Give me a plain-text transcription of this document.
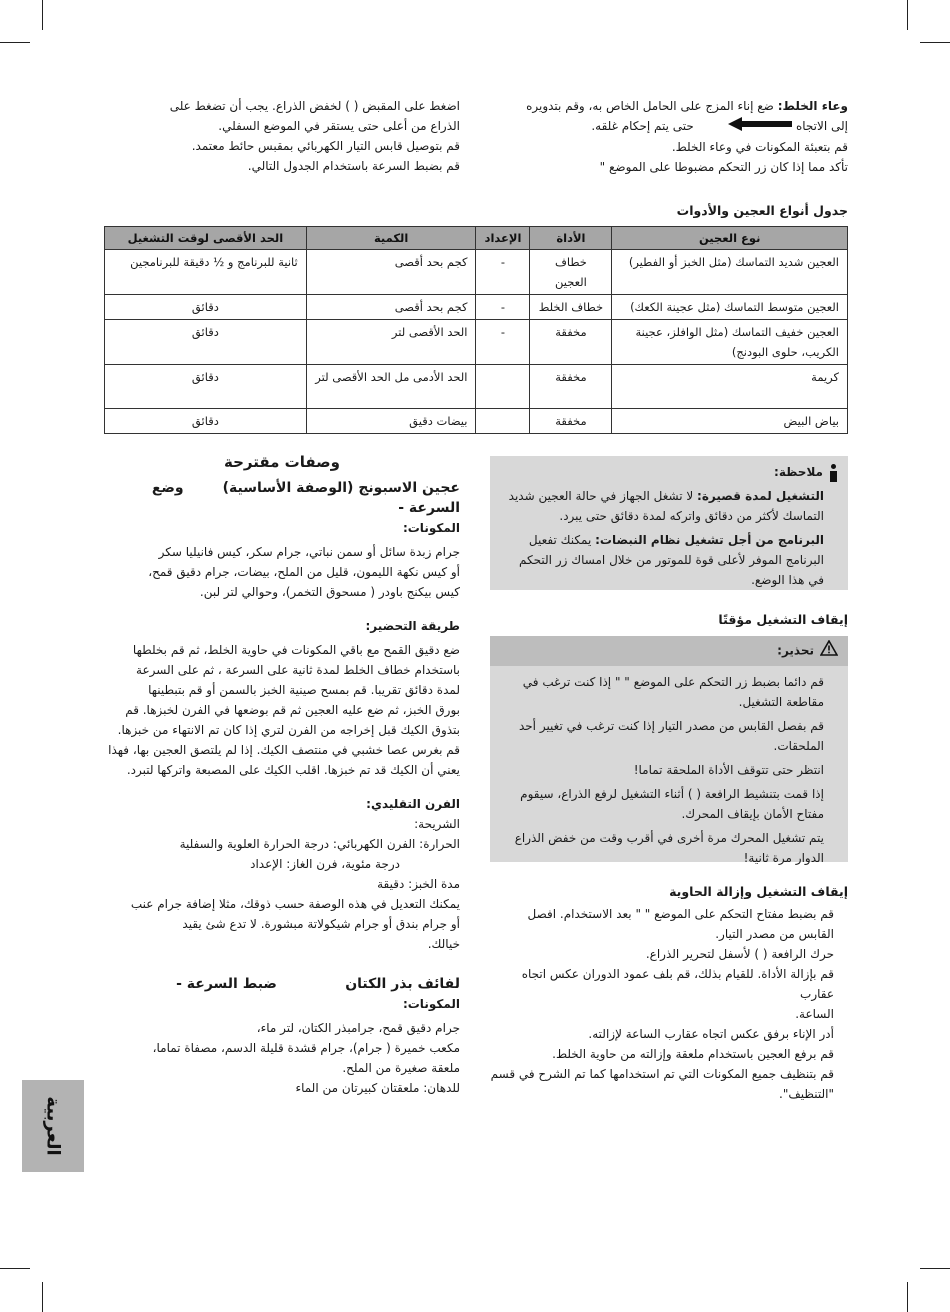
وعاء الخلط: ضع إناء المزج على الحامل الخاص به، وقم بتدويره

إلى الاتجاه          حتى يتم إحكام غلقه.

قم بتعبئة المكونات في وعاء الخلط.

تأكد مما إذا كان زر التحكم مضبوطا على الموضع "

اضغط على المقبض ( ) لخفض الذراع. يجب أن تضغط على

الذراع من أعلى حتى يستقر في الموضع السفلي.

قم بتوصيل قابس التيار الكهربائي بمقبس حائط معتمد.

قم بضبط السرعة باستخدام الجدول التالي.

جدول أنواع العجين والأدوات
نوع العجين	الأداة	الإعداد	الكمية	الحد الأقصى لوقت التشغيل
العجين شديد التماسك (مثل الخبز أو الفطير)	خطاف العجين	-	كجم بحد أقصى	ثانية للبرنامج و ½ دقيقة للبرنامجين
العجين متوسط التماسك (مثل عجينة الكعك)	خطاف الخلط	-	كجم بحد أقصى	دقائق
العجين خفيف التماسك (مثل الوافلز، عجينة الكريب، حلوى البودنج)	مخفقة	-	الحد الأقصى لتر	دقائق
كريمة	مخفقة		الحد الأدمى مل الحد الأقصى لتر	دقائق
بياض البيض	مخفقة		بيضات دقيق	دقائق

ملاحظة:

التشغيل لمدة قصيرة: لا تشغل الجهاز في حالة العجين شديد التماسك لأكثر من دقائق واتركه لمدة دقائق حتى يبرد.

البرنامج من أجل تشغيل نظام النبضات: يمكنك تفعيل البرنامج الموفر لأعلى قوة للموتور من خلال امساك زر التحكم في هذا الوضع.

إيقاف التشغيل مؤقتًا

تحذير:

قم دائما بضبط زر التحكم على الموضع " " إذا كنت ترغب في مقاطعة التشغيل.

قم بفصل القابس من مصدر التيار إذا كنت ترغب في تغيير أحد الملحقات.

انتظر حتى تتوقف الأداة الملحقة تماما!

إذا قمت بتنشيط الرافعة ( ) أثناء التشغيل لرفع الذراع، سيقوم مفتاح الأمان بإيقاف المحرك.

يتم تشغيل المحرك مرة أخرى في أقرب وقت من خفض الذراع الدوار مرة ثانية!

إيقاف التشغيل وإزالة الحاوية

قم بضبط مفتاح التحكم على الموضع " " بعد الاستخدام. افصل

القابس من مصدر التيار.

حرك الرافعة ( ) لأسفل لتحرير الذراع.

قم بإزالة الأداة. للقيام بذلك، قم بلف عمود الدوران عكس اتجاه عقارب

الساعة.

أدر الإناء برفق عكس اتجاه عقارب الساعة لإزالته.

قم برفع العجين باستخدام ملعقة وإزالته من حاوية الخلط.

قم بتنظيف جميع المكونات التي تم استخدامها كما تم الشرح في قسم

"التنظيف".

وصفات مقترحة

عجين الاسبونج (الوصفة الأساسية)        وضع السرعة -

المكونات:

جرام زبدة سائل أو سمن نباتي، جرام سكر، كيس فانيليا سكر

أو كيس نكهة الليمون، قليل من الملح، بيضات، جرام دقيق قمح،

كيس بيكنج باودر ( مسحوق التخمر)، وحوالي لتر لبن.

طريقة التحضير:

ضع دقيق القمح مع باقي المكونات في حاوية الخلط، ثم قم بخلطها

باستخدام خطاف الخلط لمدة ثانية على السرعة ، ثم على السرعة

لمدة دقائق تقريبا. قم بمسح صينية الخبز بالسمن أو قم بتبطينها

بورق الخبز، ثم ضع عليه العجين ثم قم بوضعها في الفرن لخبزها. قم

بتذوق الكيك قبل إخراجه من الفرن لتري إذا كان تم الانتهاء من خبزها.

قم بغرس عصا خشبي في منتصف الكيك. إذا لم يلتصق العجين بها، فهذا

يعني أن الكيك قد تم خبزها. اقلب الكيك على المصبعة واتركها لتبرد.

الفرن التقليدي:

الشريحة:

الحرارة: الفرن الكهربائي: درجة الحرارة العلوية والسفلية

درجة مئوية، فرن الغاز: الإعداد

مدة الخبز: دقيقة

يمكنك التعديل في هذه الوصفة حسب ذوقك، مثلا إضافة جرام عنب

أو جرام بندق أو جرام شيكولاتة مبشورة. لا تدع شئ يقيد

خيالك.

لفائف بذر الكتان              ضبط السرعة -

المكونات:

جرام دقيق قمح، جرامبذر الكتان، لتر ماء،

مكعب خميرة ( جرام)، جرام قشدة قليلة الدسم، مصفاة تماما،

ملعقة صغيرة من الملح.

للدهان: ملعقتان كبيرتان من الماء

العربية
